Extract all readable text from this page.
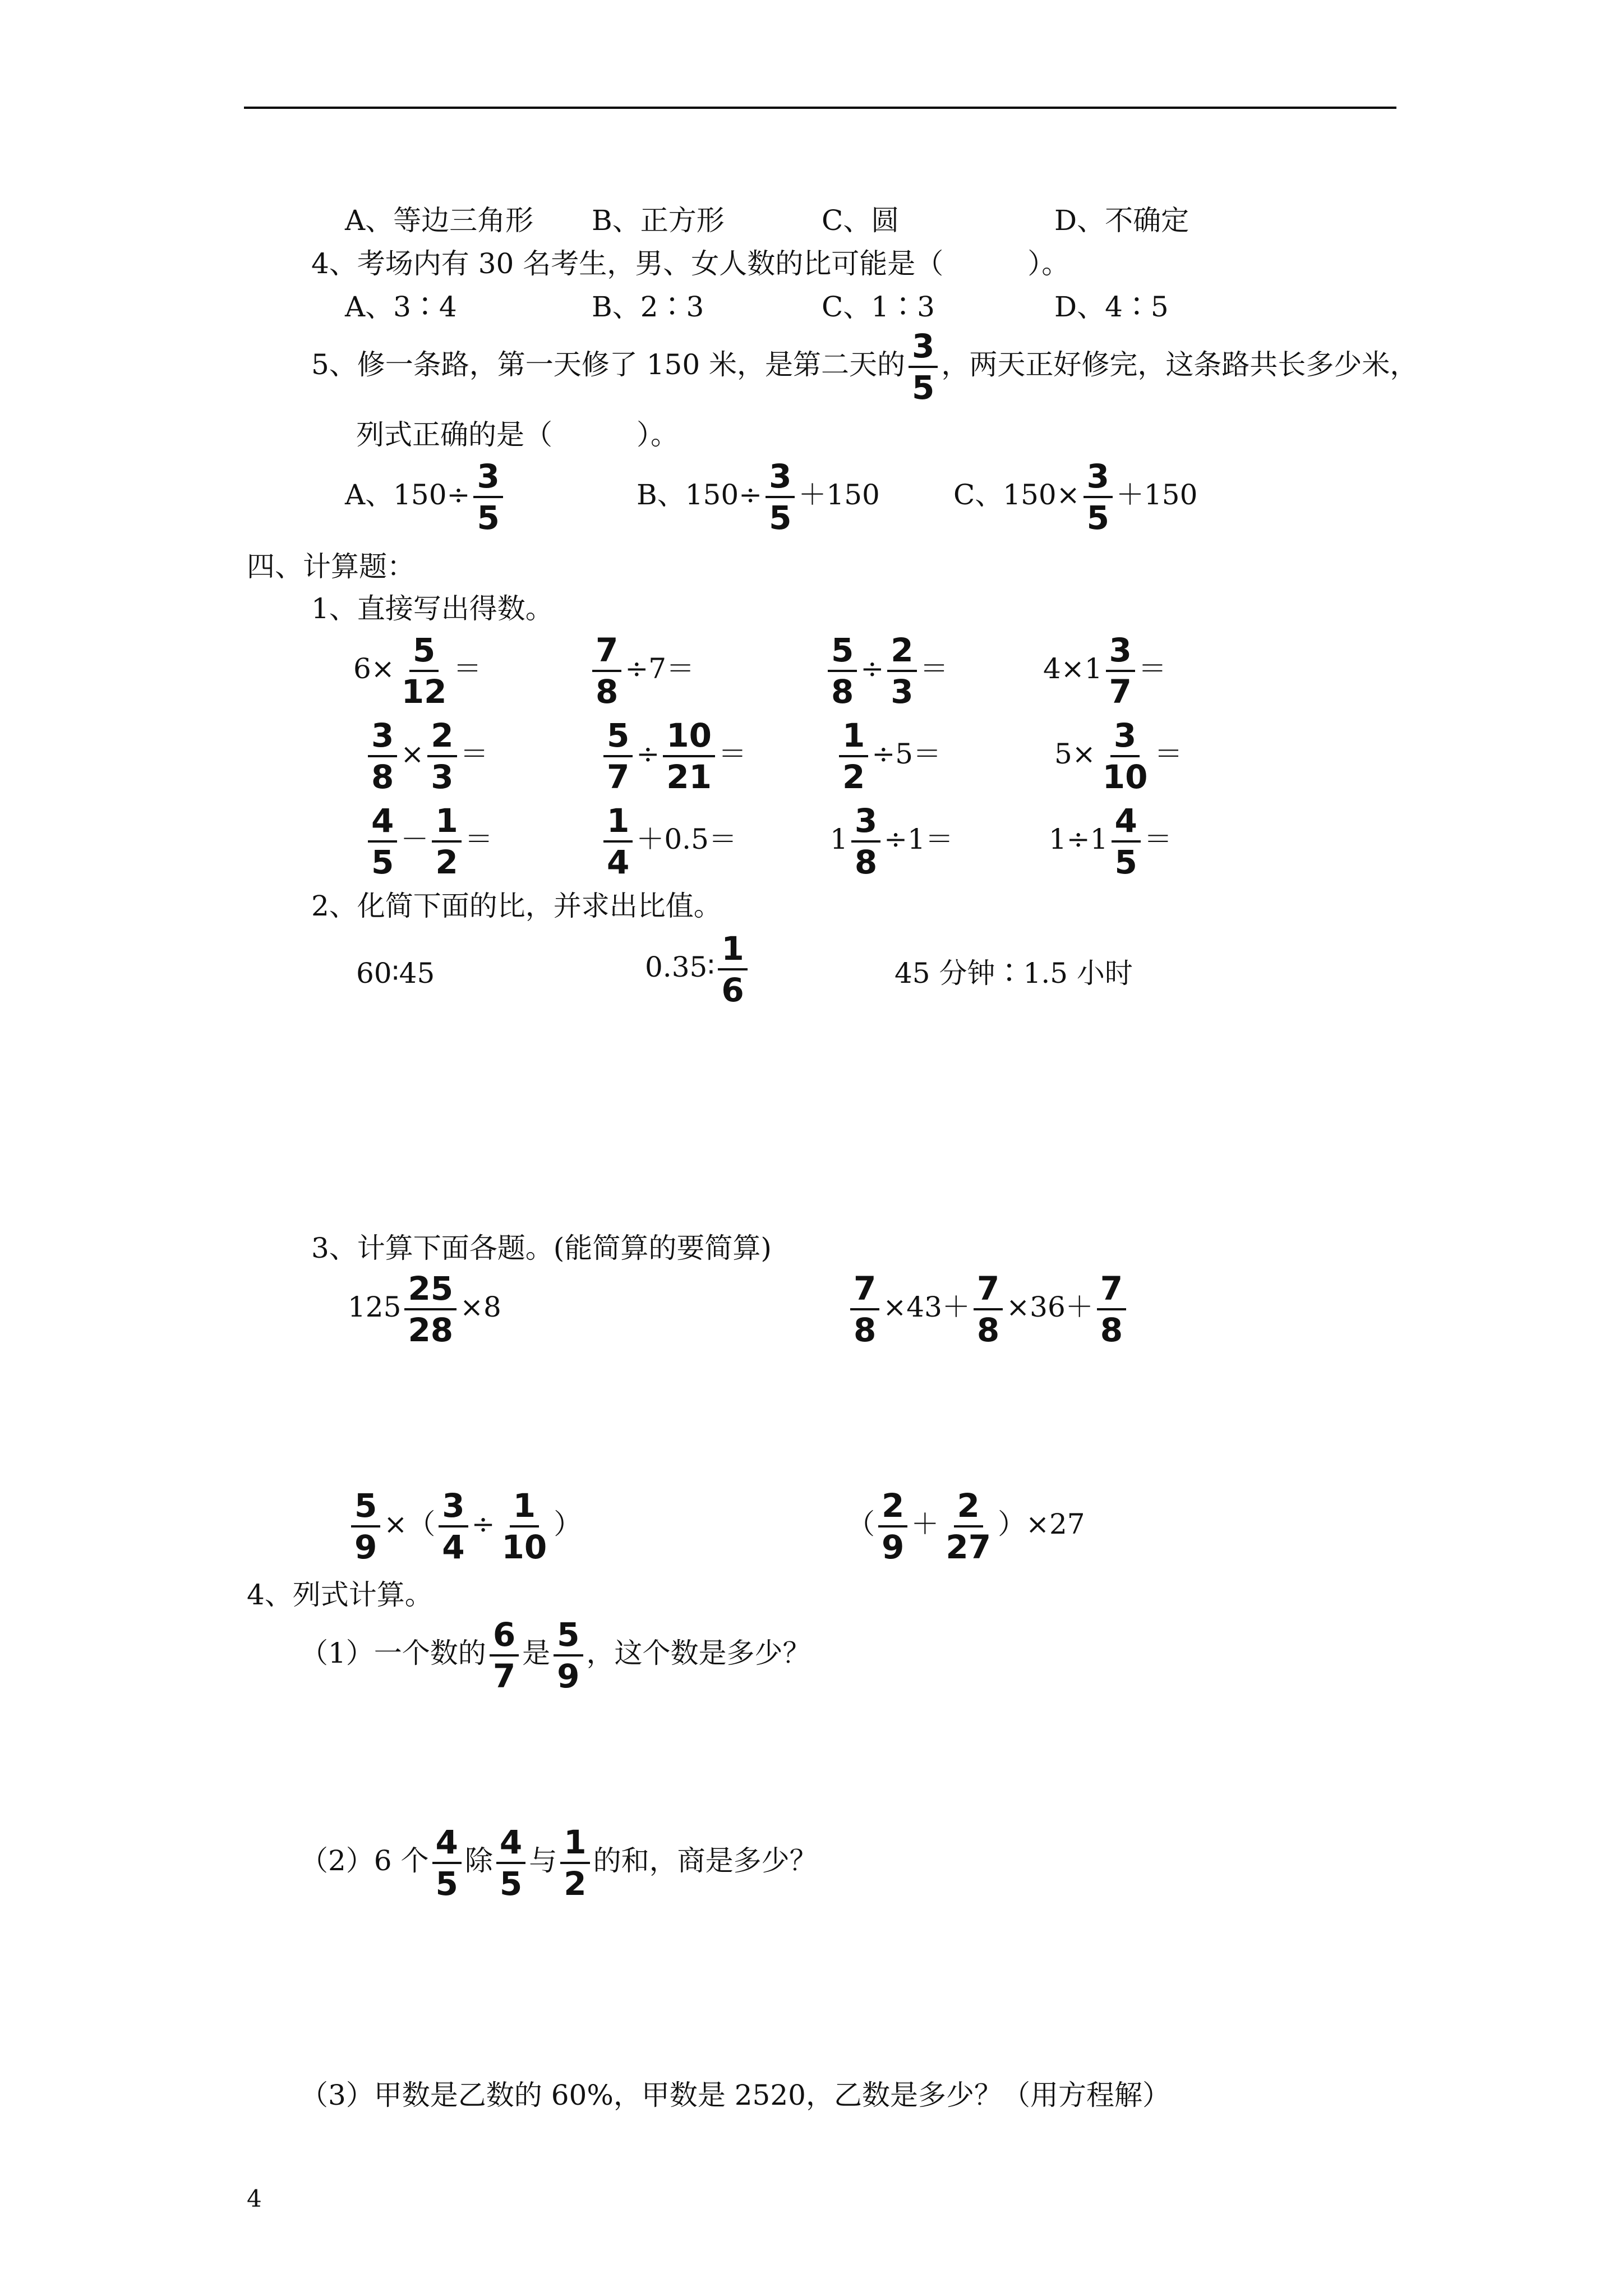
A、等边三角形 B、正方形	C、圆	D、不确定
4、考场内有 30 名考生，男、女人数的比可能是（　　　）。
A、3∶4	B、2∶3	C、1∶3	D、4∶5
5、修一条路，第一天修了 150 米，是第二天的 $\frac{3}{5}$ ，两天正好修完，这条路共长多少米，
列式正确的是（　　　）。
A、$150\div \frac{3}{5}$	B、$150\div \frac{3}{5} +150$	C、$150\times \frac{3}{5} +150$
四、计算题：
1、直接写出得数。
$6\times \frac{5}{12}$ ＝	$\frac{7}{8} \div 7=$	$\frac{5}{8} \div \frac{2}{3}$ ＝	$4\times 1 \frac{3}{7}$ ＝
$\frac{3}{8} \times \frac{2}{3}$ ＝	$\frac{5}{7} \div \frac{10}{21}$ ＝	$\frac{1}{2} \div 5=$	$5\times \frac{3}{10}$ ＝
$\frac{4}{5} - \frac{1}{2}$ ＝	$\frac{1}{4} +0.5=$	$1 \frac{3}{8} \div 1=$	$1\div 1 \frac{4}{5}$ ＝
2、化简下面的比，并求出比值。
60∶45	0.35∶ $\frac{1}{6}$	45 分钟∶1.5 小时
3、计算下面各题。(能简算的要简算)
$125 \frac{25}{28} \times 8$	$\frac{7}{8} \times 43+ \frac{7}{8} \times 36+ \frac{7}{8}$
$\frac{5}{9}$ ×（ $\frac{3}{4} \div \frac{1}{10}$ ）	（ $\frac{2}{9} + \frac{2}{27} )\times 27$
4、列式计算。
（1）一个数的 $\frac{6}{7}$ 是 $\frac{5}{9}$ ，这个数是多少？
（2）6 个 $\frac{4}{5}$ 除 $\frac{4}{5}$ 与 $\frac{1}{2}$ 的和，商是多少？
（3）甲数是乙数的 60%，甲数是 2520，乙数是多少？（用方程解）
4
